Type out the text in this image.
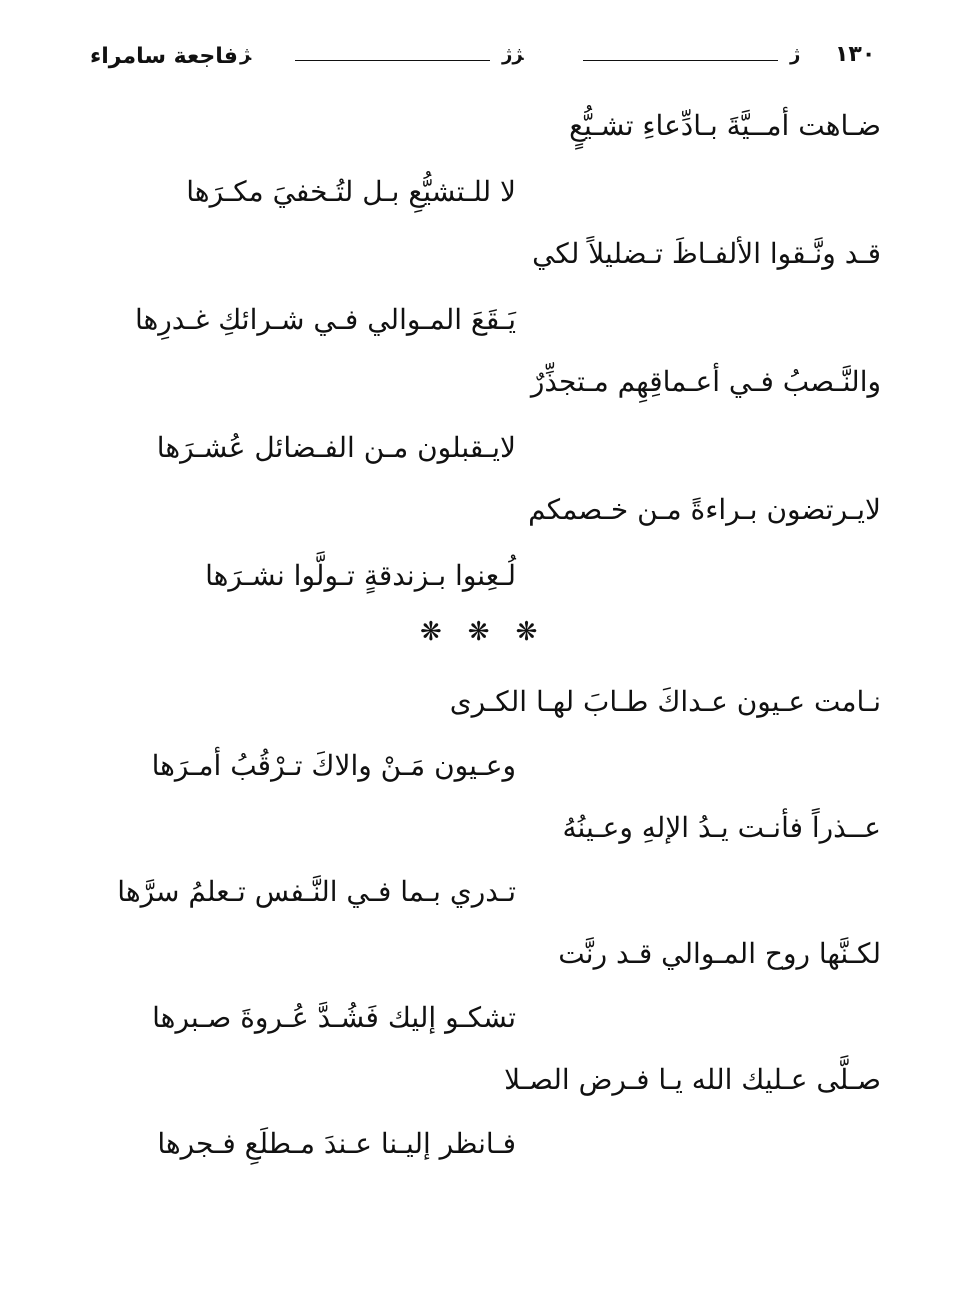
فاجعة سامراء ﮋ	ﮋﮊ	ﮊ ١٣٠
ضـاهت أمــيَّةَ بـادِّعاءِ تشـيُّعٍ
لا للـتشيُّعِ بـل لتُـخفيَ مكـرَها
قـد ونَّـقوا الألفـاظَ تـضليلاً لكي
يَـقَعَ المـوالي فـي شـرائكِ غـدرِها
والنَّـصبُ فـي أعـماقِهِم مـتجذِّرٌ
لايـقبلون مـن الفـضائل عُشـرَها
لايـرتضون بـراءةً مـن خـصمكم
لُـعِنوا بـزندقةٍ تـولَّوا نشـرَها
❋❋❋
نـامت عـيون عـداكَ طـابَ لهـا الكـرى
وعـيون مَـنْ والاكَ تـرْقُبُ أمـرَها
عــذراً فأنـت يـدُ الإلهِ وعـينُهُ
تـدري بـما فـي النَّـفس تـعلمُ سرَّها
لكـنَّها روح المـوالي قـد رنَّت
تشكـو إليك فَشُـدَّ عُـروةَ صـبرها
صـلَّى عـليك الله يـا فـرض الصـلا
فـانظر إليـنا عـندَ مـطلَعِ فـجرها
